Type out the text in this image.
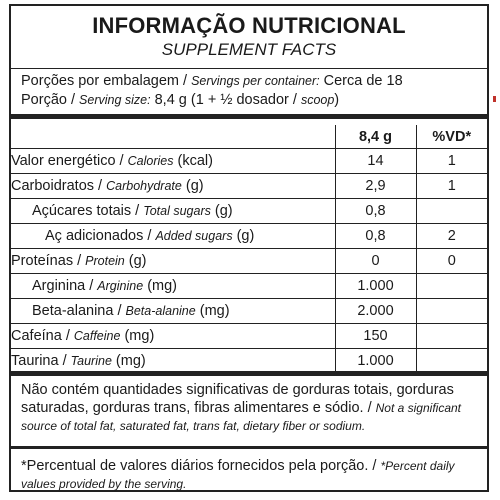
INFORMAÇÃO NUTRICIONAL
SUPPLEMENT FACTS
Porções por embalagem / Servings per container: Cerca de 18
Porção / Serving size: 8,4 g (1 + ½ dosador / scoop)
	8,4 g	%VD*
Valor energético / Calories (kcal)	14	1
Carboidratos / Carbohydrate (g)	2,9	1
Açúcares totais / Total sugars (g)	0,8	
Aç adicionados / Added sugars (g)	0,8	2
Proteínas / Protein (g)	0	0
Arginina / Arginine (mg)	1.000	
Beta-alanina / Beta-alanine (mg)	2.000	
Cafeína / Caffeine (mg)	150	
Taurina / Taurine (mg)	1.000	
Não contém quantidades significativas de gorduras totais, gorduras saturadas, gorduras trans, fibras alimentares e sódio. / Not a significant source of total fat, saturated fat, trans fat, dietary fiber or sodium.
*Percentual de valores diários fornecidos pela porção. / *Percent daily values provided by the serving.
